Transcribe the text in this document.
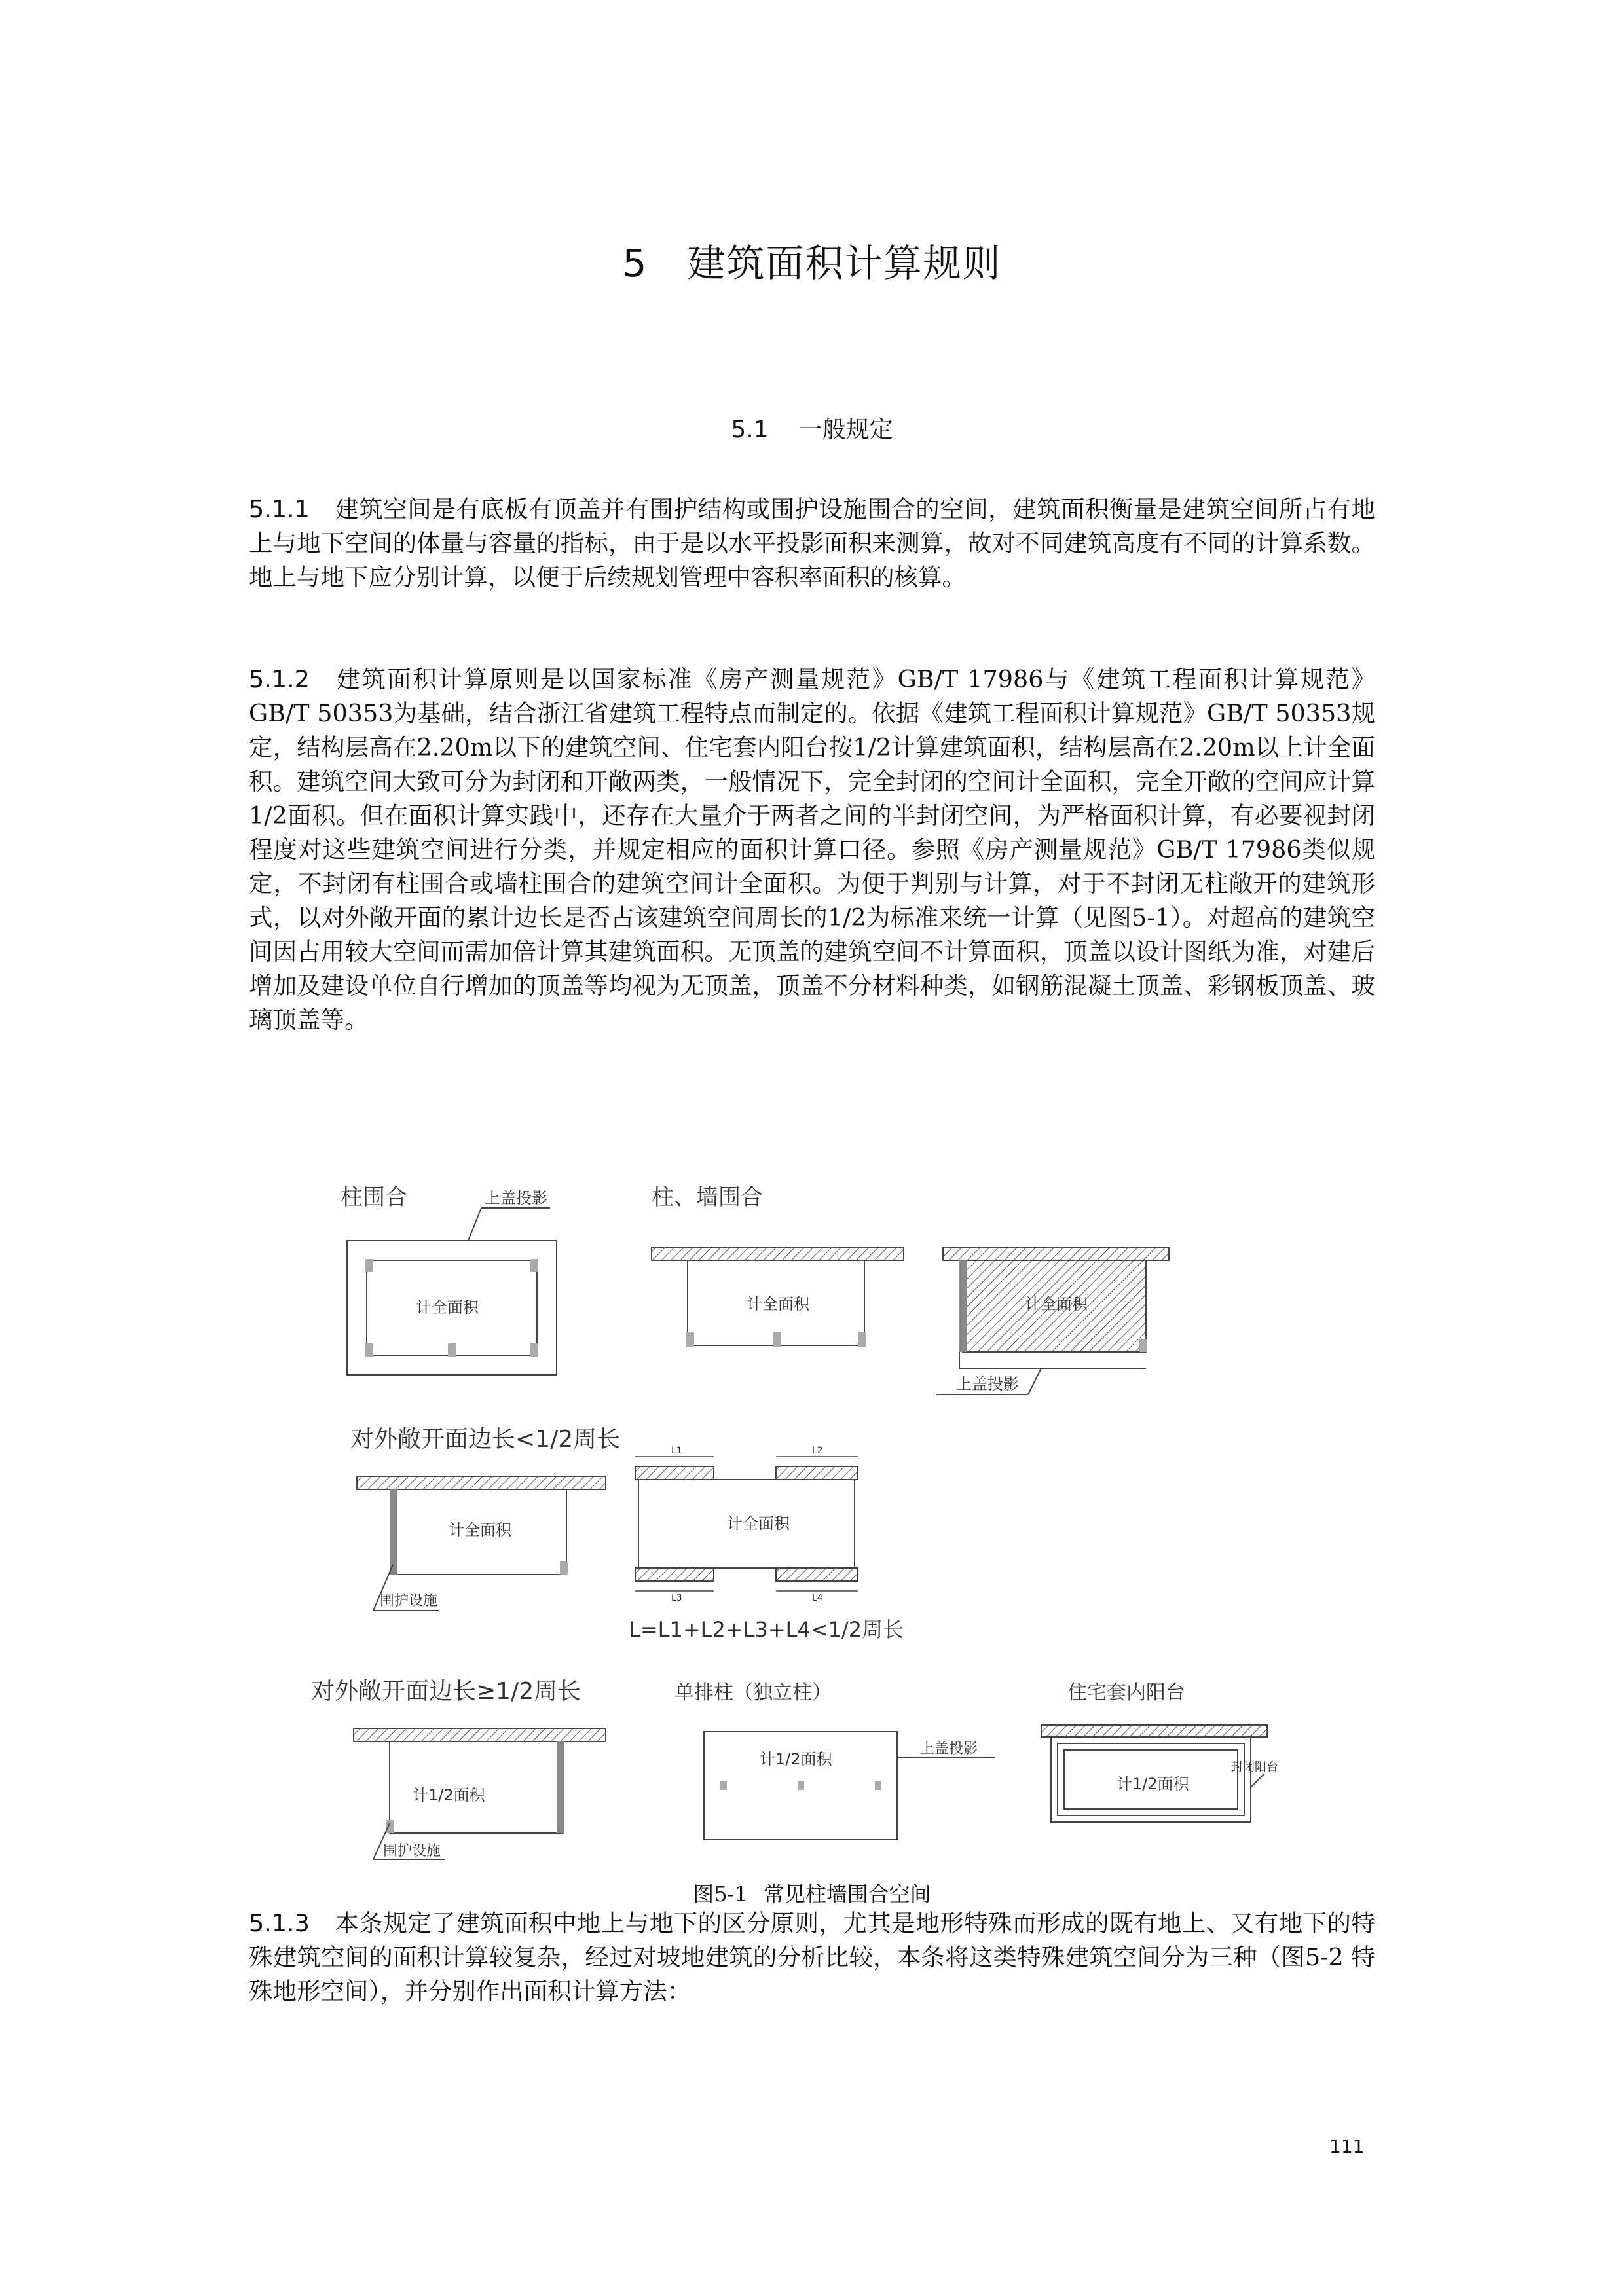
5 建筑面积计算规则
5.1 一般规定

5.1.1 建筑空间是有底板有顶盖并有围护结构或围护设施围合的空间，建筑面积衡量是建筑空间所占有地上与地下空间的体量与容量的指标，由于是以水平投影面积来测算，故对不同建筑高度有不同的计算系数。地上与地下应分别计算，以便于后续规划管理中容积率面积的核算。

5.1.2 建筑面积计算原则是以国家标准《房产测量规范》GB/T 17986与《建筑工程面积计算规范》GB/T 50353为基础，结合浙江省建筑工程特点而制定的。依据《建筑工程面积计算规范》GB/T 50353规定，结构层高在2.20m以下的建筑空间、住宅套内阳台按1/2计算建筑面积，结构层高在2.20m以上计全面积。建筑空间大致可分为封闭和开敞两类，一般情况下，完全封闭的空间计全面积，完全开敞的空间应计算1/2面积。但在面积计算实践中，还存在大量介于两者之间的半封闭空间，为严格面积计算，有必要视封闭程度对这些建筑空间进行分类，并规定相应的面积计算口径。参照《房产测量规范》GB/T 17986类似规定，不封闭有柱围合或墙柱围合的建筑空间计全面积。为便于判别与计算，对于不封闭无柱敞开的建筑形式，以对外敞开面的累计边长是否占该建筑空间周长的1/2为标准来统一计算（见图5-1）。对超高的建筑空间因占用较大空间而需加倍计算其建筑面积。无顶盖的建筑空间不计算面积，顶盖以设计图纸为准，对建后增加及建设单位自行增加的顶盖等均视为无顶盖，顶盖不分材料种类，如钢筋混凝土顶盖、彩钢板顶盖、玻璃顶盖等。

柱围合
计全面积
上盖投影	柱、墙围合
计全面积	计全面积
上盖投影
对外敞开面边长<1/2周长
计全面积
围护设施
L1	L2
L3	L4
计全面积
L=L1+L2+L3+L4<1/2周长
对外敞开面边长≥1/2周长
计1/2面积
围护设施
单排柱（独立柱）
计1/2面积
上盖投影
住宅套内阳台
计1/2面积
封闭阳台

图5-1 常见柱墙围合空间

5.1.3 本条规定了建筑面积中地上与地下的区分原则，尤其是地形特殊而形成的既有地上、又有地下的特殊建筑空间的面积计算较复杂，经过对坡地建筑的分析比较，本条将这类特殊建筑空间分为三种（图5-2 特殊地形空间），并分别作出面积计算方法：

111
